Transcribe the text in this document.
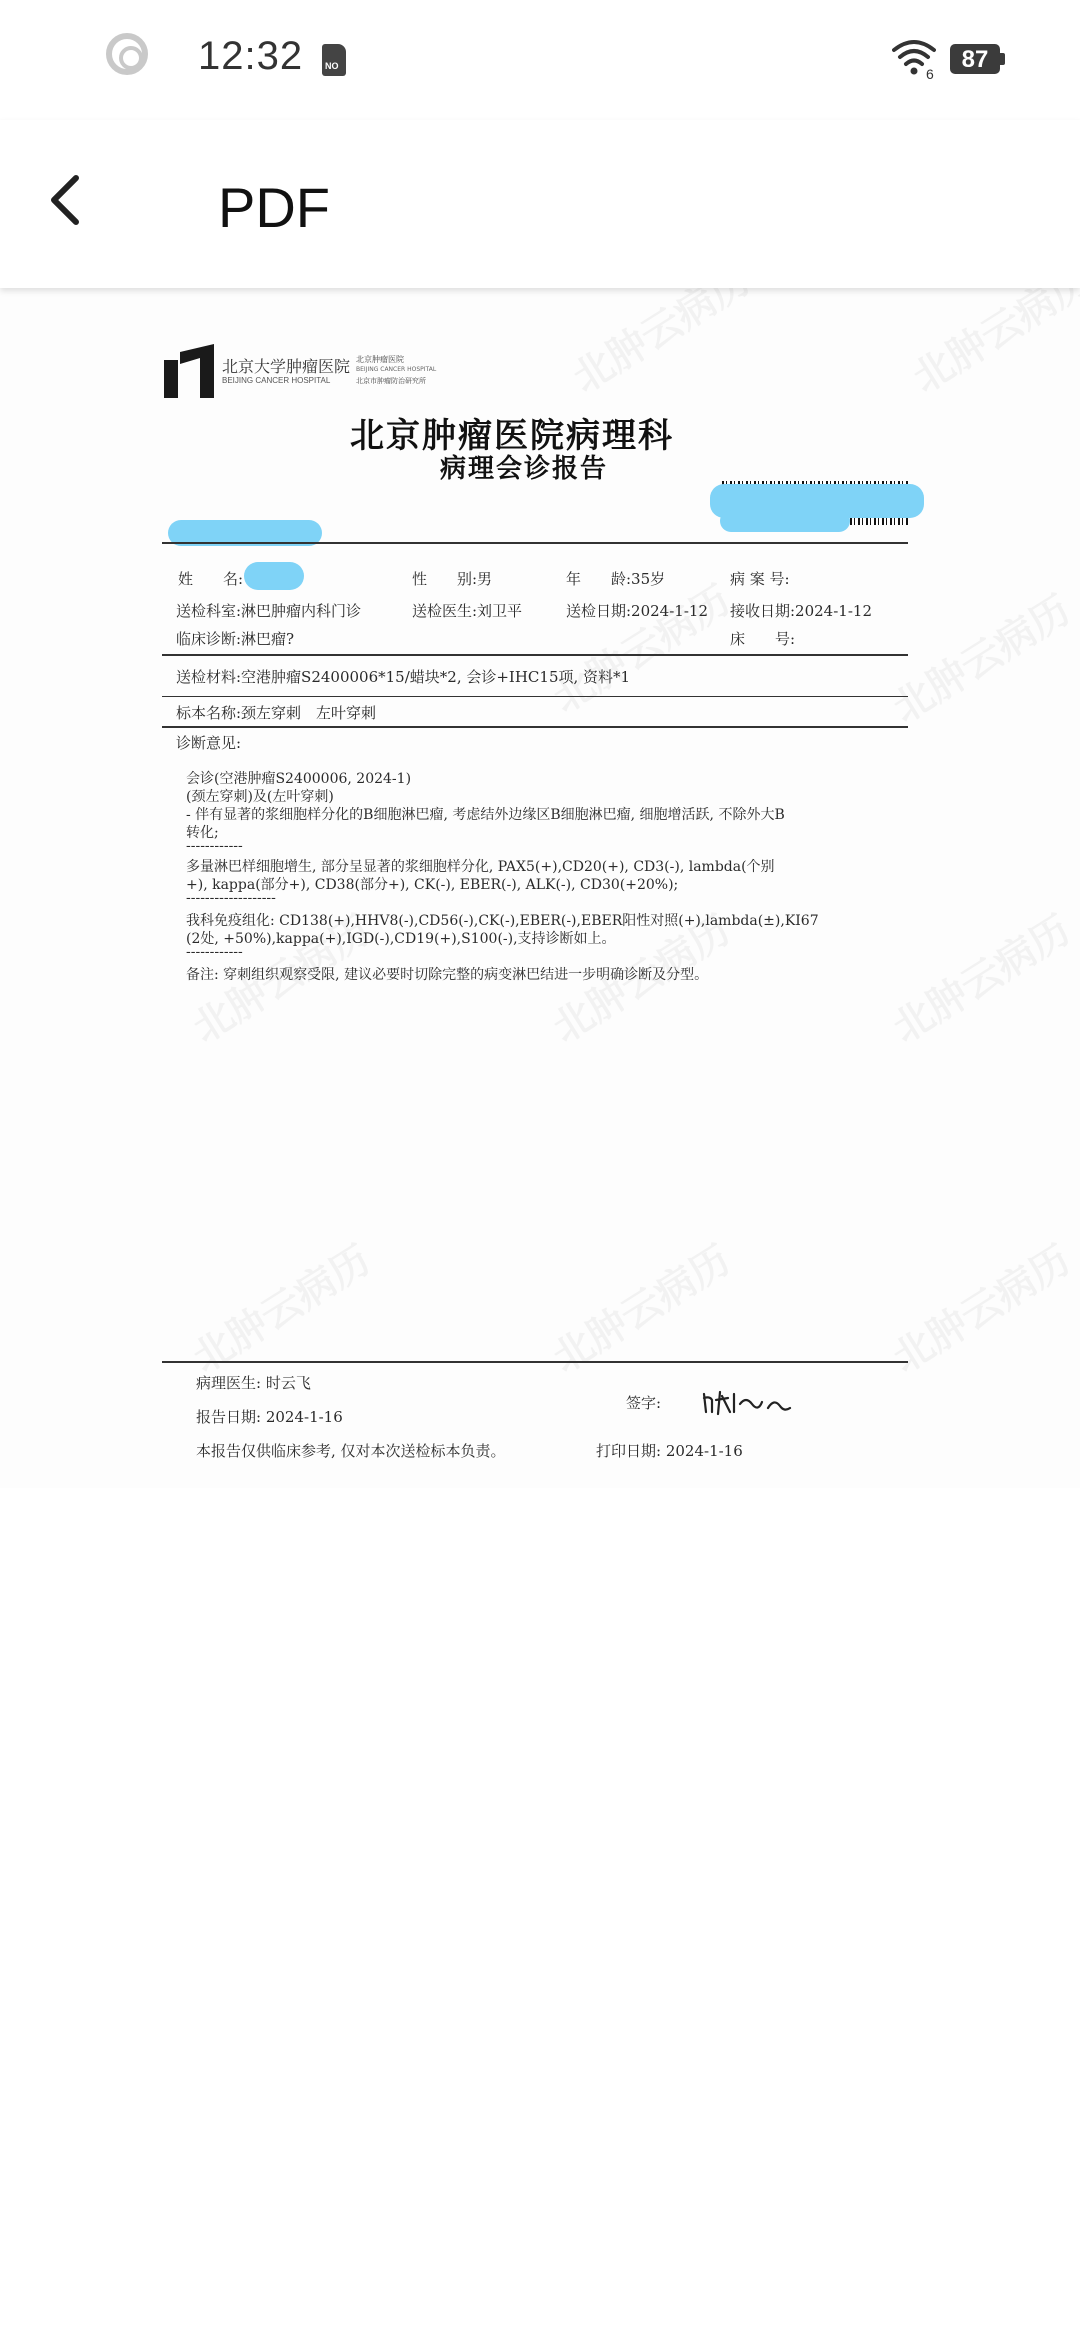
12:32 NO	6
87
PDF
北京大学肿瘤医院
BEIJING CANCER HOSPITAL
北京肿瘤医院
BEIJING CANCER HOSPITAL
北京市肿瘤防治研究所
北京肿瘤医院病理科
病理会诊报告
姓　　名:	性　　别:男	年　　龄:35岁	病 案 号:
送检科室:淋巴肿瘤内科门诊	送检医生:刘卫平	送检日期:2024-1-12 接收日期:2024-1-12
临床诊断:淋巴瘤?	床　　号:
送检材料:空港肿瘤S2400006*15/蜡块*2, 会诊+IHC15项, 资料*1
标本名称:颈左穿刺　左叶穿刺
诊断意见:
会诊(空港肿瘤S2400006, 2024-1)
(颈左穿刺)及(左叶穿刺)
- 伴有显著的浆细胞样分化的B细胞淋巴瘤, 考虑结外边缘区B细胞淋巴瘤, 细胞增活跃, 不除外大B
转化;
------------
多量淋巴样细胞增生, 部分呈显著的浆细胞样分化, PAX5(+),CD20(+), CD3(-), lambda(个别
+), kappa(部分+), CD38(部分+), CK(-), EBER(-), ALK(-), CD30(+20%);
-------------------
我科免疫组化: CD138(+),HHV8(-),CD56(-),CK(-),EBER(-),EBER阳性对照(+),lambda(±),KI67
(2处, +50%),kappa(+),IGD(-),CD19(+),S100(-),支持诊断如上。
------------
备注: 穿刺组织观察受限, 建议必要时切除完整的病变淋巴结进一步明确诊断及分型。
病理医生: 时云飞
签字:
报告日期: 2024-1-16
本报告仅供临床参考, 仅对本次送检标本负责。	打印日期: 2024-1-16
